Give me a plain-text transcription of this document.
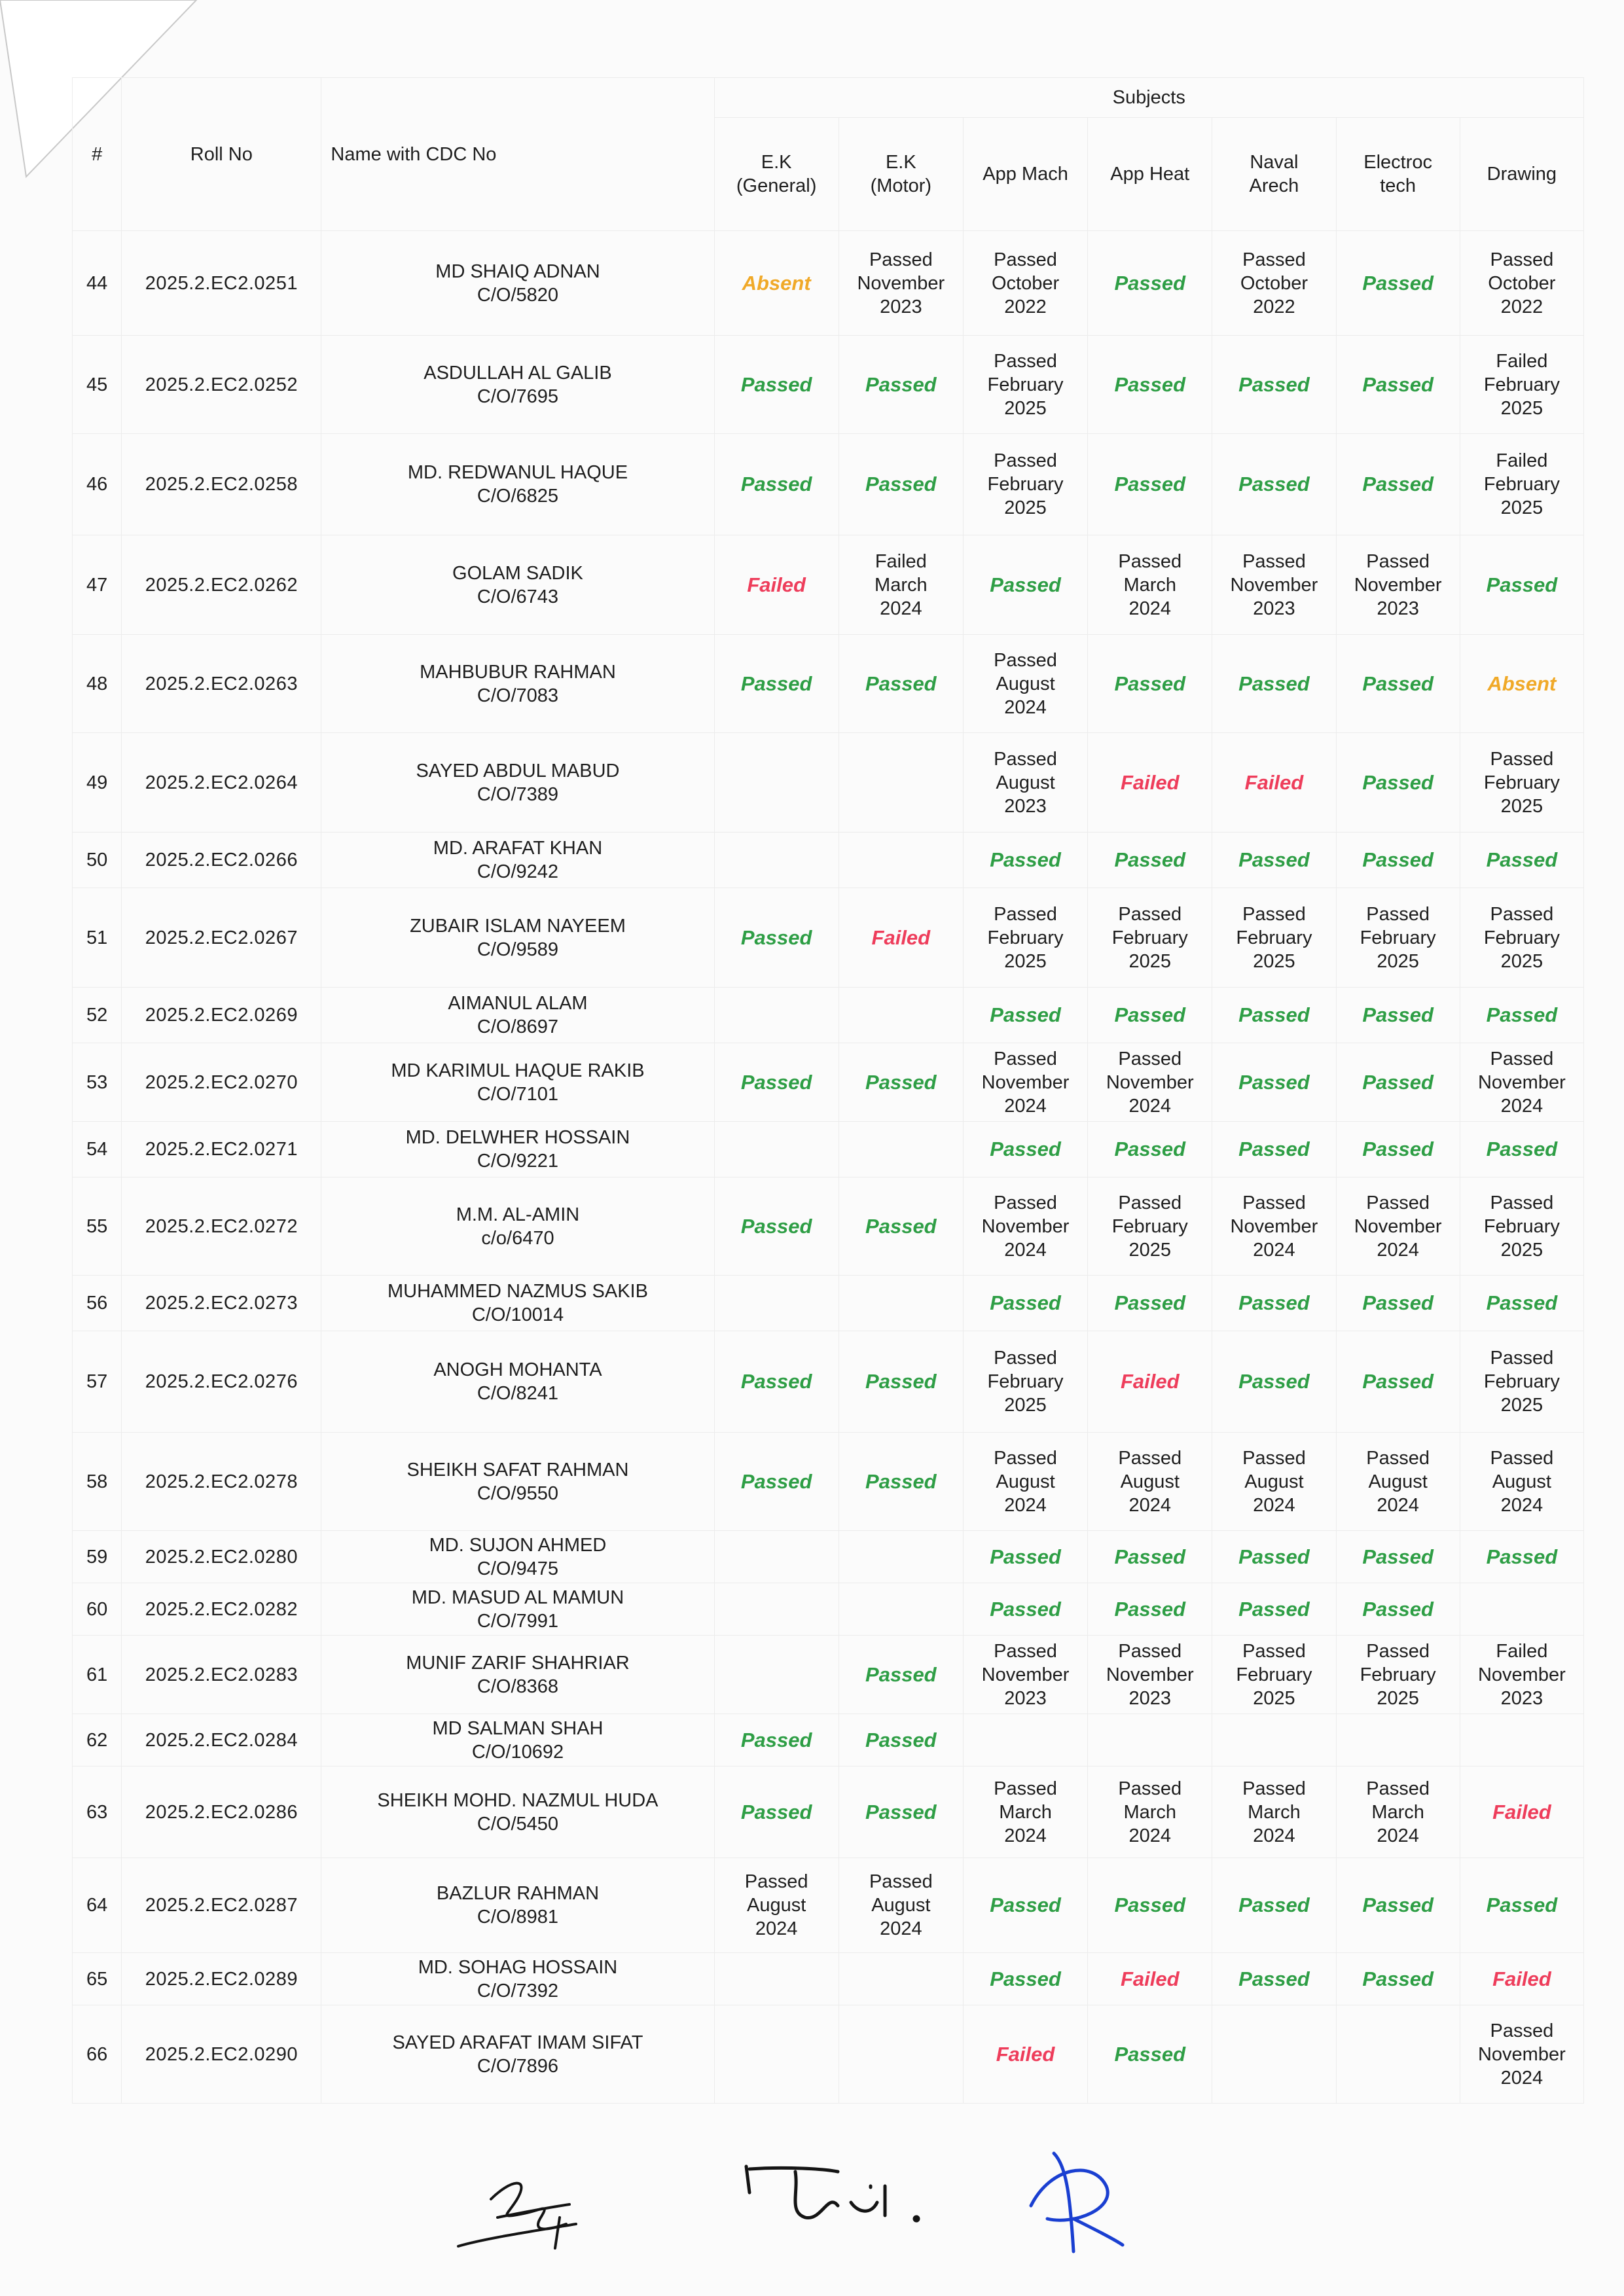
#	Roll No	Name with CDC No	Subjects						

			E.K
(General)	E.K
(Motor)	App Mach	App Heat	Naval
Arech	Electroc
tech	Drawing

44	2025.2.EC2.0251	MD SHAIQ ADNAN
C/O/5820	Absent	Passed
November
2023	Passed
October
2022	Passed	Passed
October
2022	Passed	Passed
October
2022

45	2025.2.EC2.0252	ASDULLAH AL GALIB
C/O/7695	Passed	Passed	Passed
February
2025	Passed	Passed	Passed	Failed
February
2025

46	2025.2.EC2.0258	MD. REDWANUL HAQUE
C/O/6825	Passed	Passed	Passed
February
2025	Passed	Passed	Passed	Failed
February
2025

47	2025.2.EC2.0262	GOLAM SADIK
C/O/6743	Failed	Failed
March
2024	Passed	Passed
March
2024	Passed
November
2023	Passed
November
2023	Passed

48	2025.2.EC2.0263	MAHBUBUR RAHMAN
C/O/7083	Passed	Passed	Passed
August
2024	Passed	Passed	Passed	Absent

49	2025.2.EC2.0264	SAYED ABDUL MABUD
C/O/7389			Passed
August
2023	Failed	Failed	Passed	Passed
February
2025

50	2025.2.EC2.0266	MD. ARAFAT KHAN
C/O/9242			Passed	Passed	Passed	Passed	Passed

51	2025.2.EC2.0267	ZUBAIR ISLAM NAYEEM
C/O/9589	Passed	Failed	Passed
February
2025	Passed
February
2025	Passed
February
2025	Passed
February
2025	Passed
February
2025

52	2025.2.EC2.0269	AIMANUL ALAM
C/O/8697			Passed	Passed	Passed	Passed	Passed

53	2025.2.EC2.0270	MD KARIMUL HAQUE RAKIB
C/O/7101	Passed	Passed	Passed
November
2024	Passed
November
2024	Passed	Passed	Passed
November
2024

54	2025.2.EC2.0271	MD. DELWHER HOSSAIN
C/O/9221			Passed	Passed	Passed	Passed	Passed

55	2025.2.EC2.0272	M.M. AL-AMIN
c/o/6470	Passed	Passed	Passed
November
2024	Passed
February
2025	Passed
November
2024	Passed
November
2024	Passed
February
2025

56	2025.2.EC2.0273	MUHAMMED NAZMUS SAKIB
C/O/10014			Passed	Passed	Passed	Passed	Passed

57	2025.2.EC2.0276	ANOGH MOHANTA
C/O/8241	Passed	Passed	Passed
February
2025	Failed	Passed	Passed	Passed
February
2025

58	2025.2.EC2.0278	SHEIKH SAFAT RAHMAN
C/O/9550	Passed	Passed	Passed
August
2024	Passed
August
2024	Passed
August
2024	Passed
August
2024	Passed
August
2024

59	2025.2.EC2.0280	MD. SUJON AHMED
C/O/9475			Passed	Passed	Passed	Passed	Passed

60	2025.2.EC2.0282	MD. MASUD AL MAMUN
C/O/7991			Passed	Passed	Passed	Passed	

61	2025.2.EC2.0283	MUNIF ZARIF SHAHRIAR
C/O/8368		Passed	Passed
November
2023	Passed
November
2023	Passed
February
2025	Passed
February
2025	Failed
November
2023

62	2025.2.EC2.0284	MD SALMAN SHAH
C/O/10692	Passed	Passed					

63	2025.2.EC2.0286	SHEIKH MOHD. NAZMUL HUDA
C/O/5450	Passed	Passed	Passed
March
2024	Passed
March
2024	Passed
March
2024	Passed
March
2024	Failed

64	2025.2.EC2.0287	BAZLUR RAHMAN
C/O/8981	Passed
August
2024	Passed
August
2024	Passed	Passed	Passed	Passed	Passed

65	2025.2.EC2.0289	MD. SOHAG HOSSAIN
C/O/7392			Passed	Failed	Passed	Passed	Failed

66	2025.2.EC2.0290	SAYED ARAFAT IMAM SIFAT
C/O/7896			Failed	Passed			Passed
November
2024
